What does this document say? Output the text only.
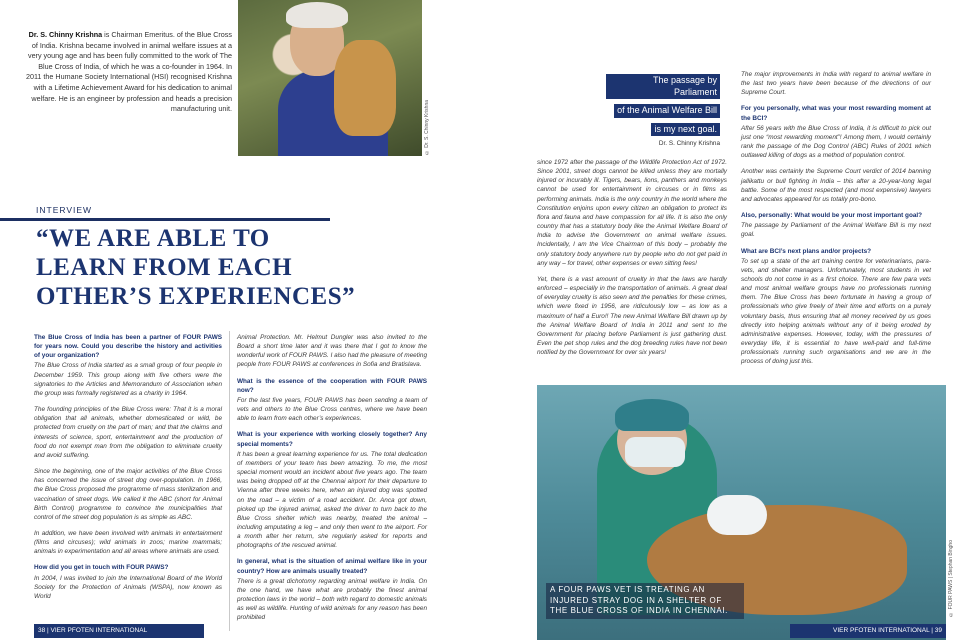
Dr. S. Chinny Krishna is Chairman Emeritus. of the Blue Cross of India. Krishna became involved in animal welfare issues at a very young age and has been fully committed to the work of The Blue Cross of India, of which he was a co-founder in 1964. In 2011 the Humane Society International (HSI) recognised Krishna with a Lifetime Achievement Award for his dedication to animal welfare. He is an engineer by profession and heads a precision manufacturing unit.	© Dr. S. Chinny Krishna
INTERVIEW
“WE ARE ABLE TO LEARN FROM EACH OTHER’S EXPERIENCES”

The Blue Cross of India has been a partner of FOUR PAWS for years now. Could you describe the history and activities of your organization?

The Blue Cross of India started as a small group of four people in December 1959. This group along with five others were the signatories to the Articles and Memorandum of Association when the group was formally registered as a charity in 1964.

The founding principles of the Blue Cross were: That it is a moral obligation that all animals, whether domesticated or wild, be protected from cruelty on the part of man; and that the claims and interests of science, sport, entertainment and the production of food do not exempt man from the obligation to eliminate cruelty and avoid suffering.

Since the beginning, one of the major activities of the Blue Cross has concerned the issue of street dog over-population. In 1966, the Blue Cross proposed the programme of mass sterilization and vaccination of street dogs. We called it the ABC (short for Animal Birth Control) programme to convince the municipalities that control of the street dog population is as simple as ABC.

In addition, we have been involved with animals in entertainment (films and circuses); wild animals in zoos; marine mammals; animals in experimentation and all areas where animals are used.

How did you get in touch with FOUR PAWS?

In 2004, I was invited to join the International Board of the World Society for the Protection of Animals (WSPA), now known as World

Animal Protection. Mr. Helmut Dungler was also invited to the Board a short time later and it was there that I got to know the wonderful work of FOUR PAWS. I also had the pleasure of meeting people from FOUR PAWS at conferences in Sofia and Bratislava.

What is the essence of the cooperation with FOUR PAWS now?

For the last five years, FOUR PAWS has been sending a team of vets and others to the Blue Cross centres, where we have been able to learn from each other’s experiences.

What is your experience with working closely together? Any special moments?

It has been a great learning experience for us. The total dedication of members of your team has been amazing. To me, the most special moment would an incident about five years ago. The team was being dropped off at the Chennai airport for their departure to Vienna after three weeks here, when an injured dog was spotted on the road – a victim of a road accident. Dr. Anca got down, picked up the injured animal, asked the driver to turn back to the Blue Cross shelter which was nearby, treated the animal – including amputating a leg – and only then went to the airport. For a month after her return, she regularly asked for reports and photographs of the rescued animal.

In general, what is the situation of animal welfare like in your country? How are animals usually treated?

There is a great dichotomy regarding animal welfare in India. On the one hand, we have what are probably the finest animal protection laws in the world – both with regard to domestic animals as well as wildlife. Hunting of wild animals for any reason has been prohibited

since 1972 after the passage of the Wildlife Protection Act of 1972. Since 2001, street dogs cannot be killed unless they are mortally injured or incurably ill. Tigers, bears, lions, panthers and monkeys cannot be used for entertainment in circuses or in films as performing animals. India is the only country in the world where the Constitution enjoins upon every citizen an obligation to protect its flora and fauna and have compassion for all life. It is also the only country that has a statutory body like the Animal Welfare Board of India to advise the Government on animal welfare issues. Incidentally, I am the Vice Chairman of this body – probably the only statutory body anywhere run by people who do not get paid in any way – for travel, other expenses or even sitting fees!

Yet, there is a vast amount of cruelty in that the laws are hardly enforced – especially in the transportation of animals. A great deal of everyday cruelty is also seen and the penalties for these crimes, which were fixed in 1956, are ridiculously low – as low as a maximum of half a Euro!! The new Animal Welfare Bill drawn up by the Animal Welfare Board of India in 2011 and sent to the Government for placing before Parliament is just gathering dust. Even the pet shop rules and the dog breeding rules have not been notified by the Government for over six years!

The major improvements in India with regard to animal welfare in the last two years have been because of the directions of our Supreme Court.

For you personally, what was your most rewarding moment at the BCI?

After 56 years with the Blue Cross of India, it is difficult to pick out just one “most rewarding moment”! Among them, I would certainly rank the passage of the Dog Control (ABC) Rules of 2001 which outlawed killing of dogs as a method of population control.

Another was certainly the Supreme Court verdict of 2014 banning jallikattu or bull fighting in India – this after a 20-year-long legal battle. Some of the most respected (and most expensive) lawyers and advocates appeared for us totally pro-bono.

Also, personally: What would be your most important goal?

The passage by Parliament of the Animal Welfare Bill is my next goal.

What are BCI’s next plans and/or projects?

To set up a state of the art training centre for veterinarians, para-vets, and shelter managers. Unfortunately, most students in vet schools do not come in as a first choice. There are few para vets and most animal welfare groups have no professionals running them. The Blue Cross has been fortunate in having a group of professionals who give freely of their time and efforts on a purely voluntary basis, thus ensuring that all money received by us goes directly into helping animals without any of it being eroded by administrative expenses. However, today, with the pressures of everyday life, it is essential to have well-paid and full-time professionals running such organisations and we are in the process of doing just this.

The passage by Parliament
of the Animal Welfare Bill
is my next goal.
Dr. S. Chinny Krishna
A FOUR PAWS VET IS TREATING AN INJURED STRAY DOG IN A SHELTER OF THE BLUE CROSS OF INDIA IN CHENNAI.	© FOUR PAWS | Stephan Bingho
38 | VIER PFOTEN INTERNATIONAL	VIER PFOTEN INTERNATIONAL | 39
